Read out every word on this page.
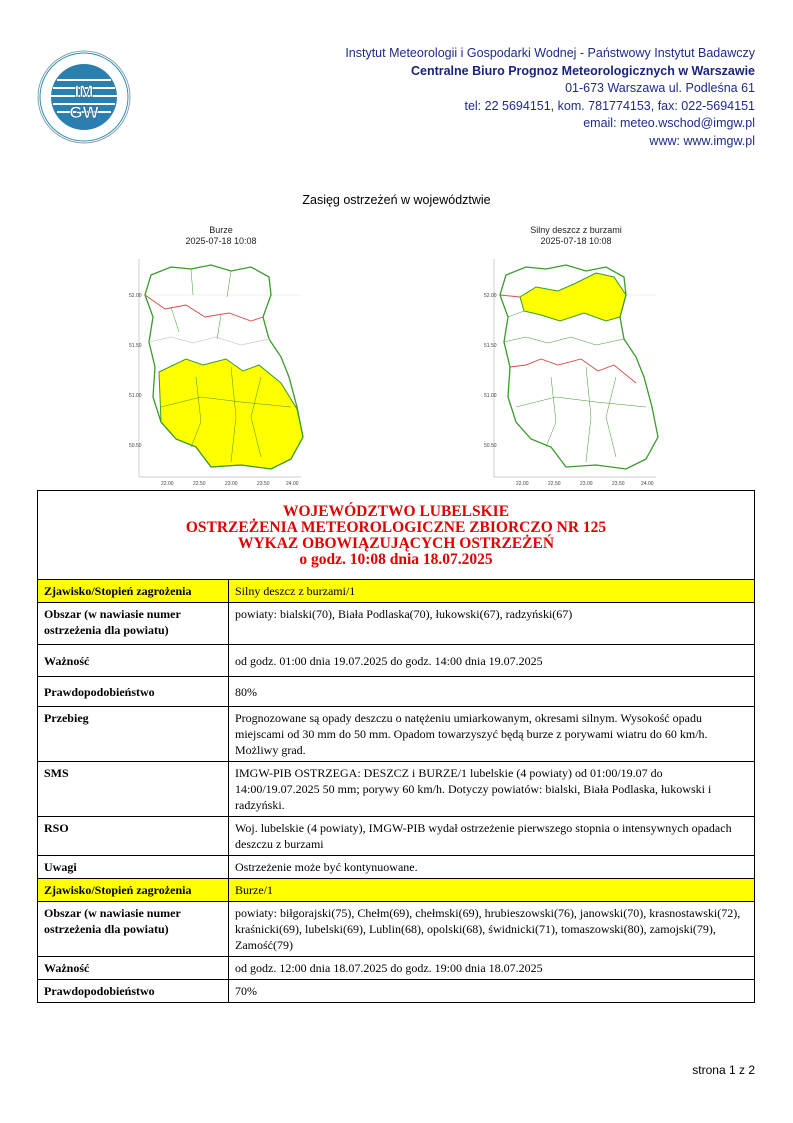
IM
GW
Instytut Meteorologii i Gospodarki Wodnej - Państwowy Instytut Badawczy
Centralne Biuro Prognoz Meteorologicznych w Warszawie
01-673 Warszawa ul. Podleśna 61
tel: 22 5694151, kom. 781774153, fax: 022-5694151
email: meteo.wschod@imgw.pl
www: www.imgw.pl
Zasięg ostrzeżeń w województwie
Burze
2025-07-18 10:08
52.00
51.50
51.00
50.50
22.00	22.50	23.00	23.50	24.00
Silny deszcz z burzami
2025-07-18 10:08
52.00
51.50
51.00
50.50
22.00	22.50	23.00	23.50	24.00
WOJEWÓDZTWO LUBELSKIE
OSTRZEŻENIA METEOROLOGICZNE ZBIORCZO NR 125
WYKAZ OBOWIĄZUJĄCYCH OSTRZEŻEŃ
o godz. 10:08 dnia 18.07.2025	

Zjawisko/Stopień zagrożenia	Silny deszcz z burzami/1
Obszar (w nawiasie numer ostrzeżenia dla powiatu)	powiaty: bialski(70), Biała Podlaska(70), łukowski(67), radzyński(67)
Ważność	od godz. 01:00 dnia 19.07.2025 do godz. 14:00 dnia 19.07.2025
Prawdopodobieństwo	80%
Przebieg	Prognozowane są opady deszczu o natężeniu umiarkowanym, okresami silnym. Wysokość opadu miejscami od 30 mm do 50 mm. Opadom towarzyszyć będą burze z porywami wiatru do 60 km/h. Możliwy grad.
SMS	IMGW-PIB OSTRZEGA: DESZCZ i BURZE/1 lubelskie (4 powiaty) od 01:00/19.07 do 14:00/19.07.2025 50 mm; porywy 60 km/h. Dotyczy powiatów: bialski, Biała Podlaska, łukowski i radzyński.
RSO	Woj. lubelskie (4 powiaty), IMGW-PIB wydał ostrzeżenie pierwszego stopnia o intensywnych opadach deszczu z burzami
Uwagi	Ostrzeżenie może być kontynuowane.
Zjawisko/Stopień zagrożenia	Burze/1
Obszar (w nawiasie numer ostrzeżenia dla powiatu)	powiaty: biłgorajski(75), Chełm(69), chełmski(69), hrubieszowski(76), janowski(70), krasnostawski(72), kraśnicki(69), lubelski(69), Lublin(68), opolski(68), świdnicki(71), tomaszowski(80), zamojski(79), Zamość(79)
Ważność	od godz. 12:00 dnia 18.07.2025 do godz. 19:00 dnia 18.07.2025
Prawdopodobieństwo	70%
strona 1 z 2
